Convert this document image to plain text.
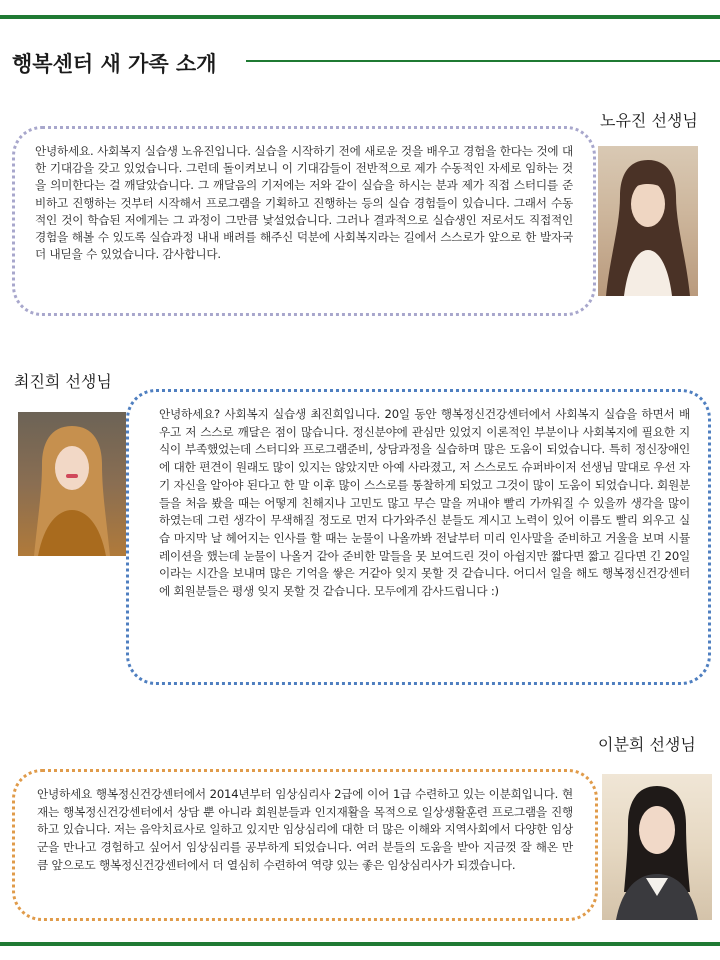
행복센터 새 가족 소개
노유진 선생님
안녕하세요. 사회복지 실습생 노유진입니다. 실습을 시작하기 전에 새로운 것을 배우고 경험을 한다는 것에 대한 기대감을 갖고 있었습니다. 그런데 돌이켜보니 이 기대감들이 전반적으로 제가 수동적인 자세로 임하는 것을 의미한다는 걸 깨달았습니다. 그 깨달음의 기저에는 저와 같이 실습을 하시는 분과 제가 직접 스터디를 준비하고 진행하는 것부터 시작해서 프로그램을 기획하고 진행하는 등의 실습 경험들이 있습니다. 그래서 수동적인 것이 학습된 저에게는 그 과정이 그만큼 낯설었습니다. 그러나 결과적으로 실습생인 저로서도 직접적인 경험을 해볼 수 있도록 실습과정 내내 배려를 해주신 덕분에 사회복지라는 길에서 스스로가 앞으로 한 발자국 더 내딛을 수 있었습니다. 감사합니다.
최진희 선생님
안녕하세요? 사회복지 실습생 최진희입니다. 20일 동안 행복정신건강센터에서 사회복지 실습을 하면서 배우고 저 스스로 깨달은 점이 많습니다. 정신분야에 관심만 있었지 이론적인 부분이나 사회복지에 필요한 지식이 부족했었는데 스터디와 프로그램준비, 상담과정을 실습하며 많은 도움이 되었습니다. 특히 정신장애인에 대한 편견이 원래도 많이 있지는 않았지만 아예 사라졌고, 저 스스로도 슈퍼바이저 선생님 말대로 우선 자기 자신을 알아야 된다고 한 말 이후 많이 스스로를 통찰하게 되었고 그것이 많이 도움이 되었습니다. 회원분들을 처음 봤을 때는 어떻게 친해지나 고민도 많고 무슨 말을 꺼내야 빨리 가까워질 수 있을까 생각을 많이 하였는데 그런 생각이 무색해질 정도로 먼저 다가와주신 분들도 계시고 노력이 있어 이름도 빨리 외우고 실습 마지막 날 헤어지는 인사를 할 때는 눈물이 나올까봐 전날부터 미리 인사말을 준비하고 거울을 보며 시뮬레이션을 했는데 눈물이 나올거 같아 준비한 말들을 못 보여드린 것이 아쉽지만 짧다면 짧고 길다면 긴 20일이라는 시간을 보내며 많은 기억을 쌓은 거같아 잊지 못할 것 같습니다. 어디서 일을 해도 행복정신건강센터에 회원분들은 평생 잊지 못할 것 같습니다. 모두에게 감사드립니다 :)
이분희 선생님
안녕하세요 행복정신건강센터에서 2014년부터 임상심리사 2급에 이어 1급 수련하고 있는 이분희입니다. 현재는 행복정신건강센터에서 상담 뿐 아니라 회원분들과 인지재활을 목적으로 일상생활훈련 프로그램을 진행하고 있습니다. 저는 음악치료사로 일하고 있지만 임상심리에 대한 더 많은 이해와 지역사회에서 다양한 임상군을 만나고 경험하고 싶어서 임상심리를 공부하게 되었습니다. 여러 분들의 도움을 받아 지금껏 잘 해온 만큼 앞으로도 행복정신건강센터에서 더 열심히 수련하여 역량 있는 좋은 임상심리사가 되겠습니다.
